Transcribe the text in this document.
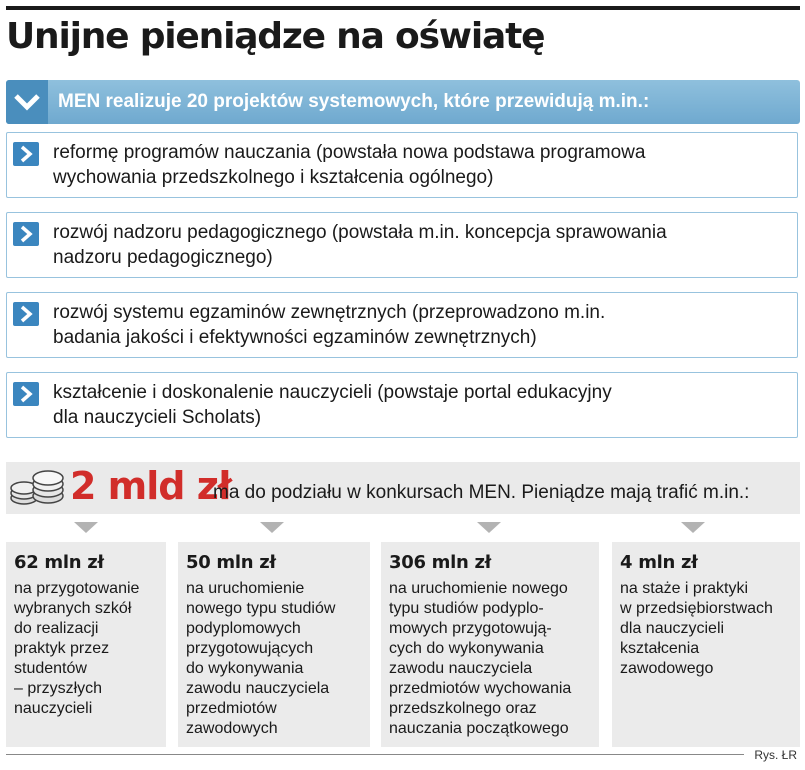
Unijne pieniądze na oświatę
MEN realizuje 20 projektów systemowych, które przewidują m.in.:
reformę programów nauczania (powstała nowa podstawa programowa
wychowania przedszkolnego i kształcenia ogólnego)
rozwój nadzoru pedagogicznego (powstała m.in. koncepcja sprawowania
nadzoru pedagogicznego)
rozwój systemu egzaminów zewnętrznych (przeprowadzono m.in.
badania jakości i efektywności egzaminów zewnętrznych)
kształcenie i doskonalenie nauczycieli (powstaje portal edukacyjny
dla nauczycieli Scholats)
2 mld zł
ma do podziału w konkursach MEN. Pieniądze mają trafić m.in.:

62 mln zł

na przygotowanie
wybranych szkół
do realizacji
praktyk przez
studentów
– przyszłych
nauczycieli

50 mln zł

na uruchomienie
nowego typu studiów
podyplomowych
przygotowujących
do wykonywania
zawodu nauczyciela
przedmiotów
zawodowych

306 mln zł

na uruchomienie nowego
typu studiów podyplo-
mowych przygotowują-
cych do wykonywania
zawodu nauczyciela
przedmiotów wychowania
przedszkolnego oraz
nauczania początkowego

4 mln zł

na staże i praktyki
w przedsiębiorstwach
dla nauczycieli
kształcenia
zawodowego

Rys. ŁR
